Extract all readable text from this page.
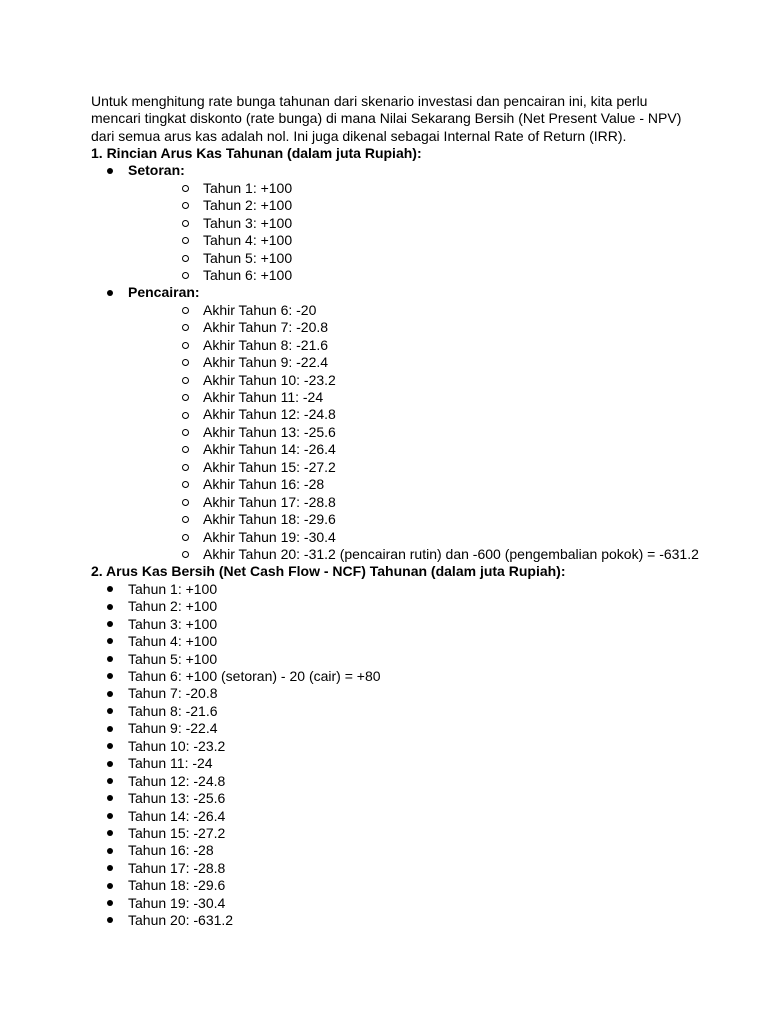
Untuk menghitung rate bunga tahunan dari skenario investasi dan pencairan ini, kita perlu mencari tingkat diskonto (rate bunga) di mana Nilai Sekarang Bersih (Net Present Value - NPV) dari semua arus kas adalah nol. Ini juga dikenal sebagai Internal Rate of Return (IRR).

1. Rincian Arus Kas Tahunan (dalam juta Rupiah):
Setoran:
Tahun 1: +100
Tahun 2: +100
Tahun 3: +100
Tahun 4: +100
Tahun 5: +100
Tahun 6: +100
Pencairan:
Akhir Tahun 6: -20
Akhir Tahun 7: -20.8
Akhir Tahun 8: -21.6
Akhir Tahun 9: -22.4
Akhir Tahun 10: -23.2
Akhir Tahun 11: -24
Akhir Tahun 12: -24.8
Akhir Tahun 13: -25.6
Akhir Tahun 14: -26.4
Akhir Tahun 15: -27.2
Akhir Tahun 16: -28
Akhir Tahun 17: -28.8
Akhir Tahun 18: -29.6
Akhir Tahun 19: -30.4
Akhir Tahun 20: -31.2 (pencairan rutin) dan -600 (pengembalian pokok) = -631.2
2. Arus Kas Bersih (Net Cash Flow - NCF) Tahunan (dalam juta Rupiah):
Tahun 1: +100
Tahun 2: +100
Tahun 3: +100
Tahun 4: +100
Tahun 5: +100
Tahun 6: +100 (setoran) - 20 (cair) = +80
Tahun 7: -20.8
Tahun 8: -21.6
Tahun 9: -22.4
Tahun 10: -23.2
Tahun 11: -24
Tahun 12: -24.8
Tahun 13: -25.6
Tahun 14: -26.4
Tahun 15: -27.2
Tahun 16: -28
Tahun 17: -28.8
Tahun 18: -29.6
Tahun 19: -30.4
Tahun 20: -631.2
